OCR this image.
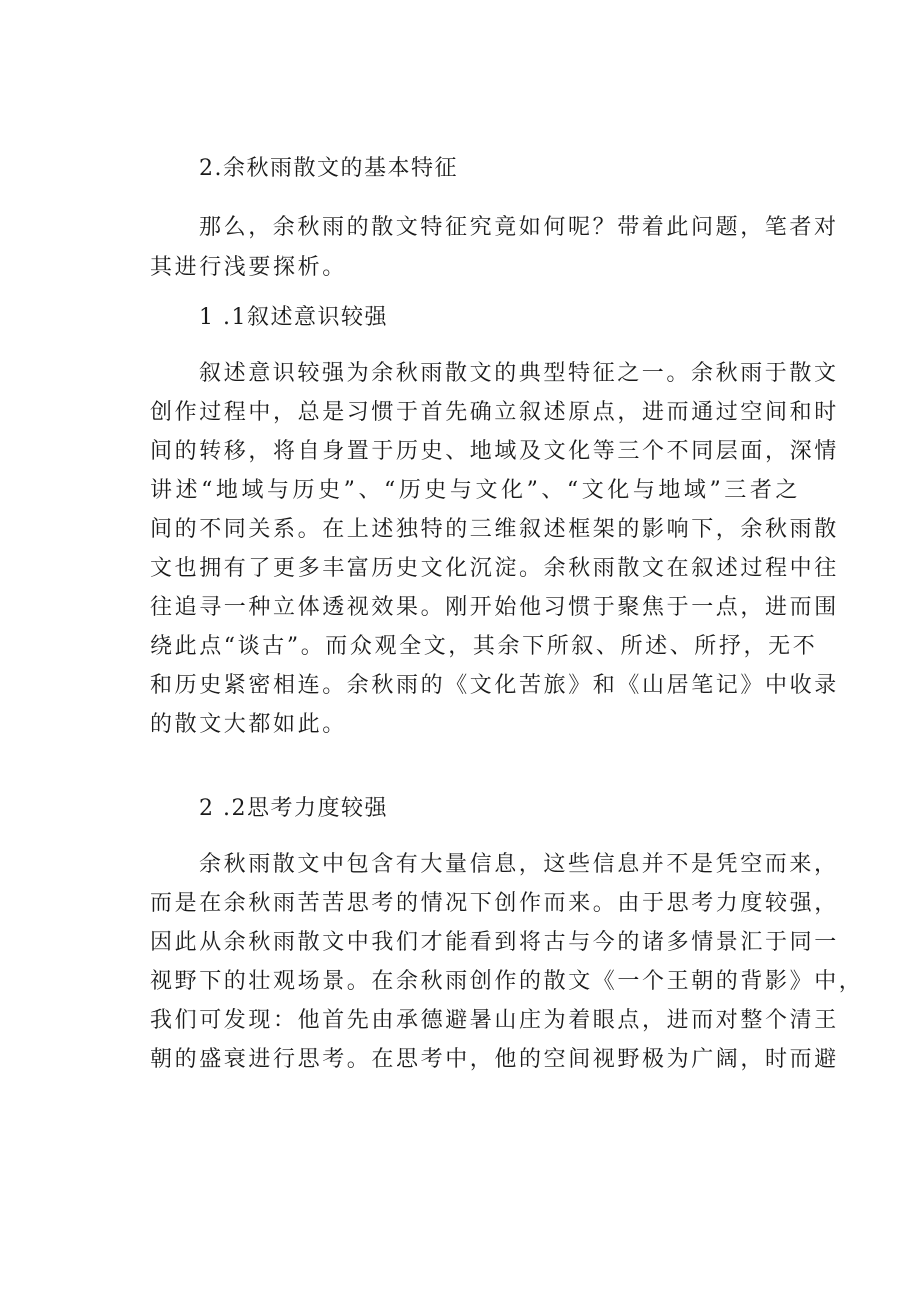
2.余秋雨散文的基本特征
那么，余秋雨的散文特征究竟如何呢？带着此问题，笔者对
其进行浅要探析。
1 .1叙述意识较强
叙述意识较强为余秋雨散文的典型特征之一。余秋雨于散文
创作过程中，总是习惯于首先确立叙述原点，进而通过空间和时
间的转移，将自身置于历史、地域及文化等三个不同层面，深情
讲述“地域与历史”、“历史与文化”、“文化与地域”三者之
间的不同关系。在上述独特的三维叙述框架的影响下，余秋雨散
文也拥有了更多丰富历史文化沉淀。余秋雨散文在叙述过程中往
往追寻一种立体透视效果。刚开始他习惯于聚焦于一点，进而围
绕此点“谈古”。而众观全文，其余下所叙、所述、所抒，无不
和历史紧密相连。余秋雨的《文化苦旅》和《山居笔记》中收录
的散文大都如此。
2 .2思考力度较强
余秋雨散文中包含有大量信息，这些信息并不是凭空而来，
而是在余秋雨苦苦思考的情况下创作而来。由于思考力度较强，
因此从余秋雨散文中我们才能看到将古与今的诸多情景汇于同一
视野下的壮观场景。在余秋雨创作的散文《一个王朝的背影》中，
我们可发现：他首先由承德避暑山庄为着眼点，进而对整个清王
朝的盛衰进行思考。在思考中，他的空间视野极为广阔，时而避
